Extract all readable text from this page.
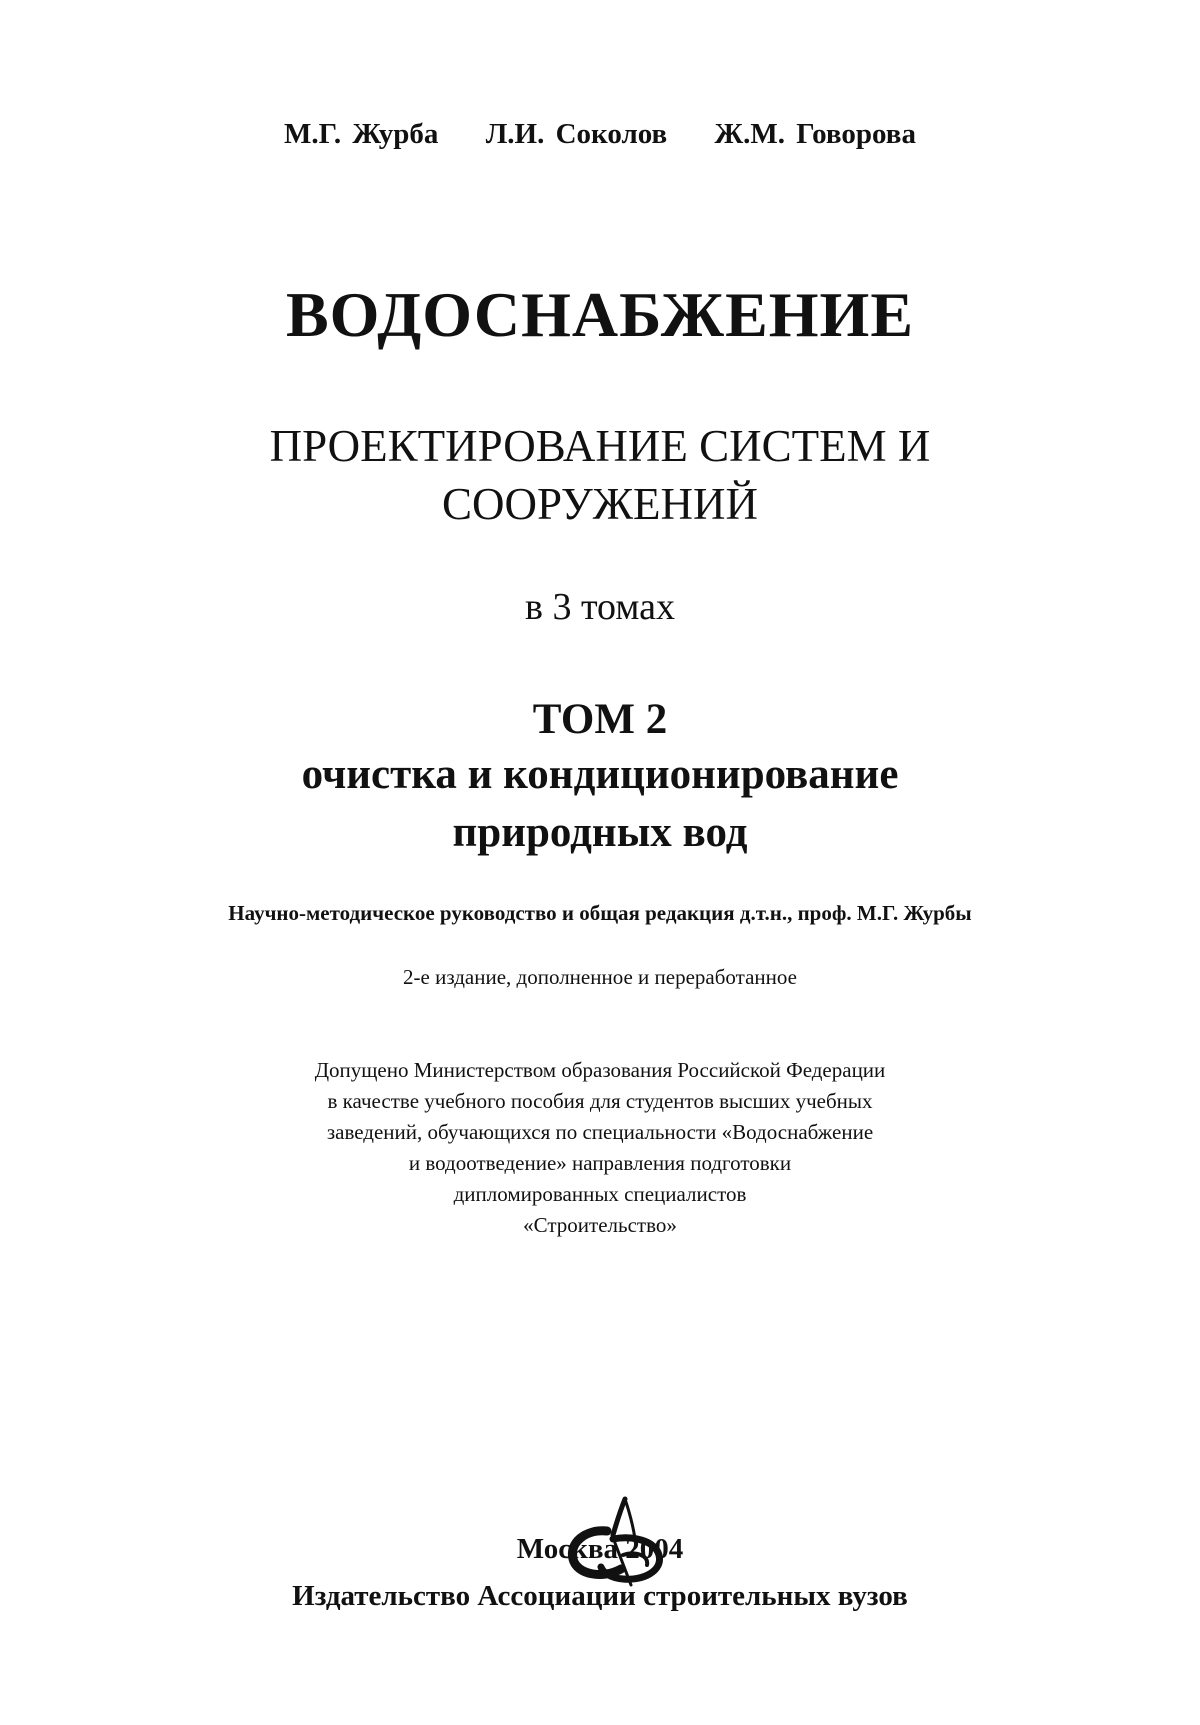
М.Г. Журба Л.И. Соколов Ж.М. Говорова
ВОДОСНАБЖЕНИЕ
ПРОЕКТИРОВАНИЕ СИСТЕМ И
СООРУЖЕНИЙ
в 3 томах
ТОМ 2
очистка и кондиционирование
природных вод
Научно-методическое руководство и общая редакция д.т.н., проф. М.Г. Журбы
2-е издание, дополненное и переработанное
Допущено Министерством образования Российской Федерации
в качестве учебного пособия для студентов высших учебных
заведений, обучающихся по специальности «Водоснабжение
и водоотведение» направления подготовки
дипломированных специалистов
«Строительство»
Москва 2004
Издательство Ассоциации строительных вузов
